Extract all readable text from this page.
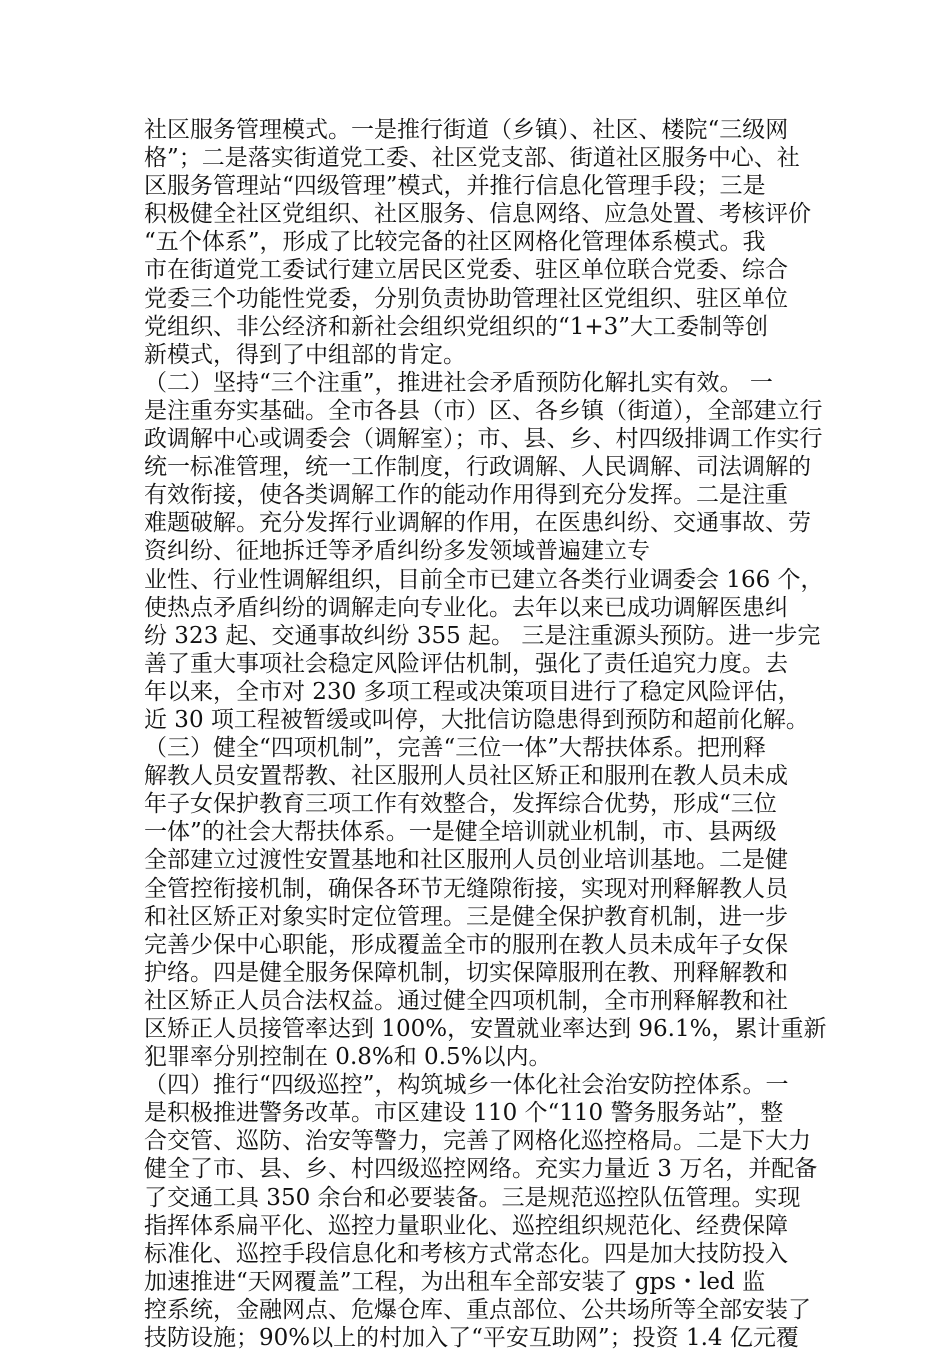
社区服务管理模式。一是推行街道（乡镇）、社区、楼院“三级网
格”；二是落实街道党工委、社区党支部、街道社区服务中心、社
区服务管理站“四级管理”模式，并推行信息化管理手段；三是
积极健全社区党组织、社区服务、信息网络、应急处置、考核评价
“五个体系”，形成了比较完备的社区网格化管理体系模式。我
市在街道党工委试行建立居民区党委、驻区单位联合党委、综合
党委三个功能性党委，分别负责协助管理社区党组织、驻区单位
党组织、非公经济和新社会组织党组织的“1+3”大工委制等创
新模式，得到了中组部的肯定。
（二）坚持“三个注重”，推进社会矛盾预防化解扎实有效。 一
是注重夯实基础。全市各县（市）区、各乡镇（街道），全部建立行
政调解中心或调委会（调解室）；市、县、乡、村四级排调工作实行
统一标准管理，统一工作制度，行政调解、人民调解、司法调解的
有效衔接，使各类调解工作的能动作用得到充分发挥。二是注重
难题破解。充分发挥行业调解的作用，在医患纠纷、交通事故、劳
资纠纷、征地拆迁等矛盾纠纷多发领域普遍建立专
业性、行业性调解组织，目前全市已建立各类行业调委会 166 个，
使热点矛盾纠纷的调解走向专业化。去年以来已成功调解医患纠
纷 323 起、交通事故纠纷 355 起。 三是注重源头预防。进一步完
善了重大事项社会稳定风险评估机制，强化了责任追究力度。去
年以来，全市对 230 多项工程或决策项目进行了稳定风险评估，
近 30 项工程被暂缓或叫停，大批信访隐患得到预防和超前化解。
（三）健全“四项机制”，完善“三位一体”大帮扶体系。把刑释
解教人员安置帮教、社区服刑人员社区矫正和服刑在教人员未成
年子女保护教育三项工作有效整合，发挥综合优势，形成“三位
一体”的社会大帮扶体系。一是健全培训就业机制，市、县两级
全部建立过渡性安置基地和社区服刑人员创业培训基地。二是健
全管控衔接机制，确保各环节无缝隙衔接，实现对刑释解教人员
和社区矫正对象实时定位管理。三是健全保护教育机制，进一步
完善少保中心职能，形成覆盖全市的服刑在教人员未成年子女保
护络。四是健全服务保障机制，切实保障服刑在教、刑释解教和
社区矫正人员合法权益。通过健全四项机制，全市刑释解教和社
区矫正人员接管率达到 100%，安置就业率达到 96.1%，累计重新
犯罪率分别控制在 0.8%和 0.5%以内。
（四）推行“四级巡控”，构筑城乡一体化社会治安防控体系。一
是积极推进警务改革。市区建设 110 个“110 警务服务站”，整
合交管、巡防、治安等警力，完善了网格化巡控格局。二是下大力
健全了市、县、乡、村四级巡控网络。充实力量近 3 万名，并配备
了交通工具 350 余台和必要装备。三是规范巡控队伍管理。实现
指挥体系扁平化、巡控力量职业化、巡控组织规范化、经费保障
标准化、巡控手段信息化和考核方式常态化。四是加大技防投入
加速推进“天网覆盖”工程，为出租车全部安装了 gps・led 监
控系统，金融网点、危爆仓库、重点部位、公共场所等全部安装了
技防设施；90%以上的村加入了“平安互助网”；投资 1.4 亿元覆
